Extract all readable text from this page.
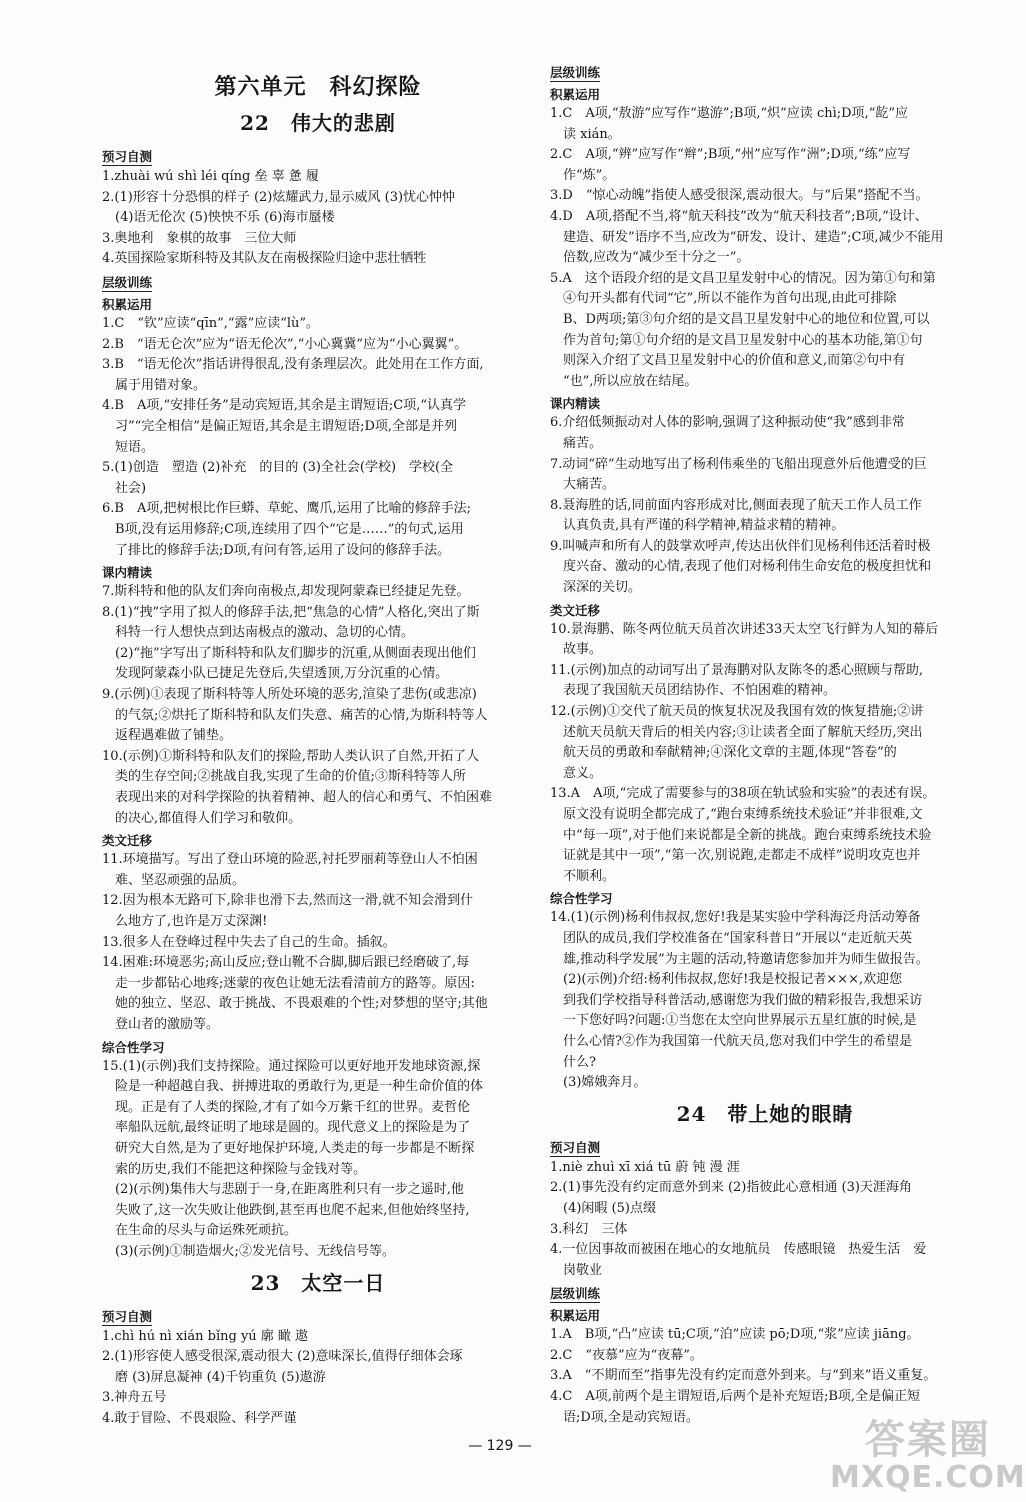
第六单元　科幻探险
22　伟大的悲剧
预习自测

1.zhuài wú shì léi qíng 垒 辜 惫 履

2.(1)形容十分恐惧的样子 (2)炫耀武力,显示威风 (3)忧心忡忡

　(4)语无伦次 (5)怏怏不乐 (6)海市蜃楼

3.奥地利　象棋的故事　三位大师

4.英国探险家斯科特及其队友在南极探险归途中悲壮牺牲

层级训练
积累运用

1.C　“钦”应读“qīn”,“露”应读“lù”。

2.B　“语无仑次”应为“语无伦次”,“小心冀冀”应为“小心翼翼”。

3.B　“语无伦次”指话讲得很乱,没有条理层次。此处用在工作方面,

　属于用错对象。

4.B　A项,“安排任务”是动宾短语,其余是主谓短语;C项,“认真学

　习”“完全相信”是偏正短语,其余是主谓短语;D项,全部是并列

　短语。

5.(1)创造　塑造 (2)补充　的目的 (3)全社会(学校)　学校(全

　社会)

6.B　A项,把树根比作巨蟒、草蛇、鹰爪,运用了比喻的修辞手法;

　B项,没有运用修辞;C项,连续用了四个“它是……”的句式,运用

　了排比的修辞手法;D项,有问有答,运用了设问的修辞手法。

课内精读

7.斯科特和他的队友们奔向南极点,却发现阿蒙森已经捷足先登。

8.(1)“拽”字用了拟人的修辞手法,把“焦急的心情”人格化,突出了斯

　科特一行人想快点到达南极点的激动、急切的心情。

　(2)“拖”字写出了斯科特和队友们脚步的沉重,从侧面表现出他们

　发现阿蒙森小队已捷足先登后,失望透顶,万分沉重的心情。

9.(示例)①表现了斯科特等人所处环境的恶劣,渲染了悲伤(或悲凉)

　的气氛;②烘托了斯科特和队友们失意、痛苦的心情,为斯科特等人

　返程遇难做了铺垫。

10.(示例)①斯科特和队友们的探险,帮助人类认识了自然,开拓了人

　类的生存空间;②挑战自我,实现了生命的价值;③斯科特等人所

　表现出来的对科学探险的执着精神、超人的信心和勇气、不怕困难

　的决心,都值得人们学习和敬仰。

类文迁移

11.环境描写。写出了登山环境的险恶,衬托罗丽莉等登山人不怕困

　难、坚忍顽强的品质。

12.因为根本无路可下,除非也滑下去,然而这一滑,就不知会滑到什

　么地方了,也许是万丈深渊!

13.很多人在登峰过程中失去了自己的生命。插叙。

14.困难:环境恶劣;高山反应;登山靴不合脚,脚后跟已经磨破了,每

　走一步都钻心地疼;迷蒙的夜色让她无法看清前方的路等。原因:

　她的独立、坚忍、敢于挑战、不畏艰难的个性;对梦想的坚守;其他

　登山者的激励等。

综合性学习

15.(1)(示例)我们支持探险。通过探险可以更好地开发地球资源,探

　险是一种超越自我、拼搏进取的勇敢行为,更是一种生命价值的体

　现。正是有了人类的探险,才有了如今万紫千红的世界。麦哲伦

　率船队远航,最终证明了地球是圆的。现代意义上的探险是为了

　研究大自然,是为了更好地保护环境,人类走的每一步都是不断探

　索的历史,我们不能把这种探险与金钱对等。

　(2)(示例)集伟大与悲剧于一身,在距离胜利只有一步之遥时,他

　失败了,这一次失败让他跌倒,甚至再也爬不起来,但他始终坚持,

　在生命的尽头与命运殊死顽抗。

　(3)(示例)①制造烟火;②发光信号、无线信号等。

23　太空一日
预习自测

1.chì hú nì xián bǐng yú 廓 瞰 遨

2.(1)形容使人感受很深,震动很大 (2)意味深长,值得仔细体会琢

　磨 (3)屏息凝神 (4)千钧重负 (5)遨游

3.神舟五号

4.敢于冒险、不畏艰险、科学严谨

层级训练
积累运用

1.C　A项,“敖游”应写作“遨游”;B项,“炽”应读 chì;D项,“龁”应

　读 xián。

2.C　A项,“辨”应写作“辫”;B项,“州”应写作“洲”;D项,“练”应写

　作“炼”。

3.D　“惊心动魄”指使人感受很深,震动很大。与“后果”搭配不当。

4.D　A项,搭配不当,将“航天科技”改为“航天科技者”;B项,“设计、

　建造、研发”语序不当,应改为“研发、设计、建造”;C项,减少不能用

　倍数,应改为“减少至十分之一”。

5.A　这个语段介绍的是文昌卫星发射中心的情况。因为第①句和第

　④句开头都有代词“它”,所以不能作为首句出现,由此可排除

　B、D两项;第③句介绍的是文昌卫星发射中心的地位和位置,可以

　作为首句;第①句介绍的是文昌卫星发射中心的基本功能,第①句

　则深入介绍了文昌卫星发射中心的价值和意义,而第②句中有

　“也”,所以应放在结尾。

课内精读

6.介绍低频振动对人体的影响,强调了这种振动使“我”感到非常

　痛苦。

7.动词“碎”生动地写出了杨利伟乘坐的飞船出现意外后他遭受的巨

　大痛苦。

8.聂海胜的话,同前面内容形成对比,侧面表现了航天工作人员工作

　认真负责,具有严谨的科学精神,精益求精的精神。

9.叫喊声和所有人的鼓掌欢呼声,传达出伙伴们见杨利伟还活着时极

　度兴奋、激动的心情,表现了他们对杨利伟生命安危的极度担忧和

　深深的关切。

类文迁移

10.景海鹏、陈冬两位航天员首次讲述33天太空飞行鲜为人知的幕后

　故事。

11.(示例)加点的动词写出了景海鹏对队友陈冬的悉心照顾与帮助,

　表现了我国航天员团结协作、不怕困难的精神。

12.(示例)①交代了航天员的恢复状况及我国有效的恢复措施;②讲

　述航天员航天背后的相关内容;③让读者全面了解航天经历,突出

　航天员的勇敢和奉献精神;④深化文章的主题,体现“答卷”的

　意义。

13.A　A项,“完成了需要参与的38项在轨试验和实验”的表述有误。

　原文没有说明全都完成了,“跑台束缚系统技术验证”并非很难,文

　中“每一项”,对于他们来说都是全新的挑战。跑台束缚系统技术验

　证就是其中一项”,“第一次,别说跑,走都走不成样”说明攻克也并

　不顺利。

综合性学习

14.(1)(示例)杨利伟叔叔,您好!我是某实验中学科海泛舟活动筹备

　团队的成员,我们学校准备在“国家科普日”开展以“走近航天英

　雄,推动科学发展”为主题的活动,特邀请您参加并为师生做报告。

　(2)(示例)介绍:杨利伟叔叔,您好!我是校报记者×××,欢迎您

　到我们学校指导科普活动,感谢您为我们做的精彩报告,我想采访

　一下您好吗?问题:①当您在太空向世界展示五星红旗的时候,是

　什么心情?②作为我国第一代航天员,您对我们中学生的希望是

　什么?

　(3)嫦娥奔月。

24　带上她的眼睛
预习自测

1.niè zhuì xī xiá tū 蔚 钝 漫 涯

2.(1)事先没有约定而意外到来 (2)指彼此心意相通 (3)天涯海角

　(4)闲暇 (5)点缀

3.科幻　三体

4.一位因事故而被困在地心的女地航员　传感眼镜　热爱生活　爱

　岗敬业

层级训练
积累运用

1.A　B项,“凸”应读 tū;C项,“泊”应读 pō;D项,“浆”应读 jiāng。

2.C　“夜慕”应为“夜幕”。

3.A　“不期而至”指事先没有约定而意外到来。与“到来”语义重复。

4.C　A项,前两个是主谓短语,后两个是补充短语;B项,全是偏正短

　语;D项,全是动宾短语。

— 129 —	答案圈
MXQE.COM
